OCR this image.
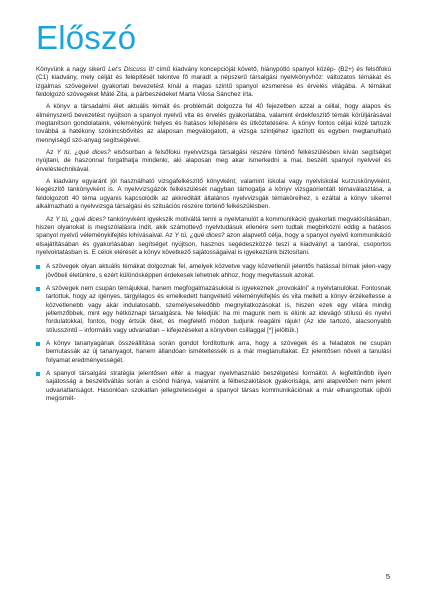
Előszó

Könyvünk a nagy sikerű Let’s Discuss It! című kiadvány koncepcióját követő, hiánypótló spanyol közép- (B2+) és felsőfokú (C1) kiadvány, mely célját és felépítését tekintve fő maradt a népszerű társalgási nyelvkönyvhöz: változatos témákat és izgalmas szövegeivel gyakorlati bevezetést kínál a magas szintű spanyol ezsmerése és érvelés világába. A témákat feldolgozó szövegeket Máté Zita, a párbeszédeket Marta Vilosa Sánchez írta.

A könyv a társadalmi élet aktuális témáit és problémáit dolgozza fel 40 fejezetben azzal a céllal, hogy alapos és élményszerű bevezetést nyújtson a spanyol nyelvű vita és érvelés gyakorlatába, valamint érdekfeszítő témák körüljárásával megtanítson gondolataink, véleményünk helyes és hatásos kifejtésére és ütköztetésére. A könyv fontos céljai közé tartozik továbbá a hatékony szókincsbővítés az alaposan megválogatott, a vizsga szintjéhez igazított és egyben megtanulható mennyiségű szó-anyag segítségével.

Az Y tú, ¿qué dices? elsősorban a felsőfokú nyelvvizsga társalgási részére történő felkészülésben kíván segítséget nyújtani, de haszonnal forgathatja mindenki, aki alaposan meg akar ismerkedni a mai, beszélt spanyol nyelvvel és érveléstechnikával.

A kiadvány egyaránt jól használható vizsgafelkészítő könyvként, valamint iskolai vagy nyelviskolai kurzuskönyvként, kiegészítő tankönyvként is. A nyelvvizsgázók felkészülését nagyban támogatja a könyv vizsgaorientált témaválasztása, a feldolgozott 40 téma ugyanis kapcsolódik az akkreditált általános nyelvvizsgák témaköreihez, s ezáltal a könyv sikerrel alkalmazható a nyelvvizsga társalgási és szituációs részére történő felkészülésben.

Az Y tú, ¿qué dices? tankönyvként igyekszik motiváltá tenni a nyelvtanulót a kommunikáció gyakorlati megvalósításában, hiszen olyanokat is megszólalásra indít, akik számottevő nyelvtudásuk ellenére sem tudtak megbirkózni eddig a hatásos spanyol nyelvű véleménykifejtés kihívásaival. Az Y tú, ¿qué dices? azon alapvető célja, hogy a spanyol nyelvű kommunikáció elsajátításában és gyakorlásában segítséget nyújtson, hasznos segédeszközzé teszi a kiadványt a tanórai, csoportos nyelvoktatásban is. E célok elérését a könyv következő sajátosságaival is igyekeztünk biztosítani.

A szövegek olyan aktuális témákat dolgoznak fel, amelyek közvetve vagy közvetlenül jelentős hatással bírnak jelen-vagy jövőbeli életünkre, s ezért különösképpen érdekesek lehetnek ahhoz, hogy megvitassuk azokat.
A szövegek nem csupán témájukkal, hanem megfogalmazásukkal is igyekeznek „provokálni” a nyelvtanulókat. Fontosnak tartottuk, hogy az igényes, tárgyilagos és emelkedett hangvételű véleménykifejtés és vita mellett a könyv érzékeltesse a közvetlenebb vagy akár indulatosabb, személyesekedőbb megnyilatkozásokat is, hiszen ezek egy vitára mindig jellemzőbbek, mint egy hétköznapi társalgásra. Ne feledjük: ha mi magunk nem is élünk az idevágó stílusú és nyelvi fordulatokkal, fontos, hogy értsük őket, és megfelelő módon tudjunk reagálni rájuk! (Az ide tartozó, alacsonyabb stílusszintű – informális vagy udvariatlan – kifejezéseket a könyvben csillaggal [*] jelöltük.)
A könyv tananyagának összeállítása során gondot fordítottunk arra, hogy a szövegek és a feladatok ne csupán bemutassák az új tananyagot, hanem állandóan ismételtessék is a már megtanultakat. Ez jelentősen növeli a tanulási folyamat eredményességét.
A spanyol társalgási stratégia jelentősen eltér a magyar nyelvhasználó beszélgetési formáitól. A legfeltűnőbb ilyen sajátosság a beszélőváltás során a csönd hiánya, valamint a félbeszakítások gyakorisága, ami alapvetően nem jelent udvariatlanságot. Hasonlóan szokatlan jellegzetességei a spanyol társas kommunikációnak a már elhangzottak újbóli megismét-
5
